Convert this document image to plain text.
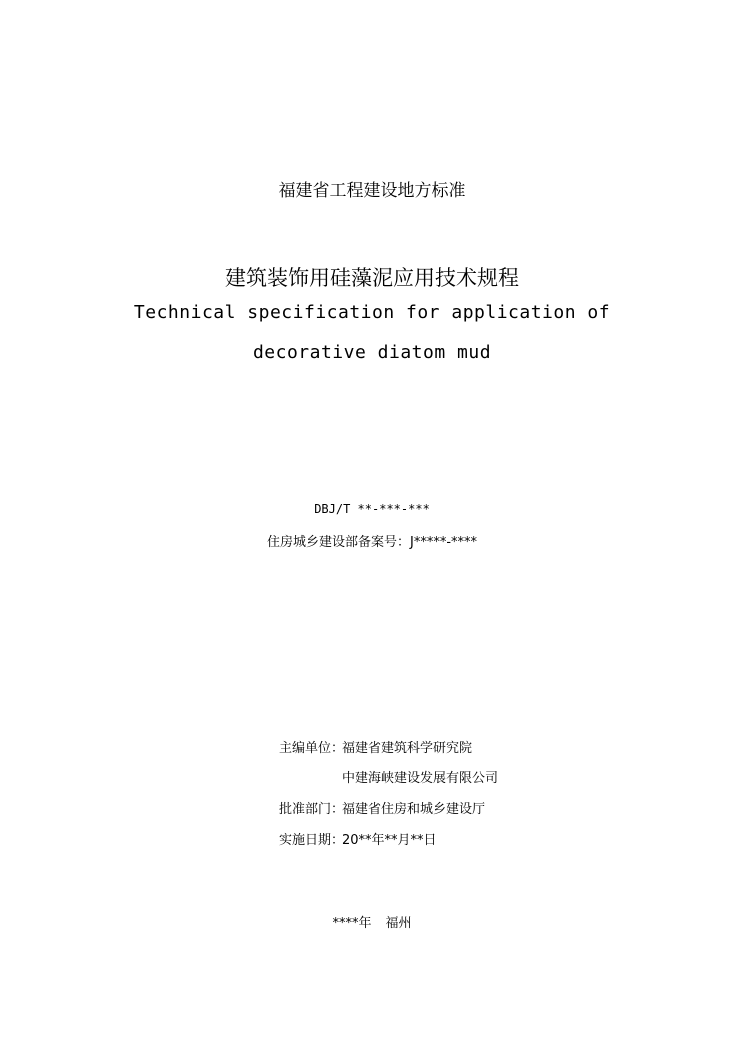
福建省工程建设地方标准
建筑装饰用硅藻泥应用技术规程
Technical specification for application of
decorative diatom mud
DBJ/T **-***-***
住房城乡建设部备案号：J*****-****
主编单位：福建省建筑科学研究院
中建海峡建设发展有限公司
批准部门：福建省住房和城乡建设厅
实施日期：20**年**月**日
****年 福州
